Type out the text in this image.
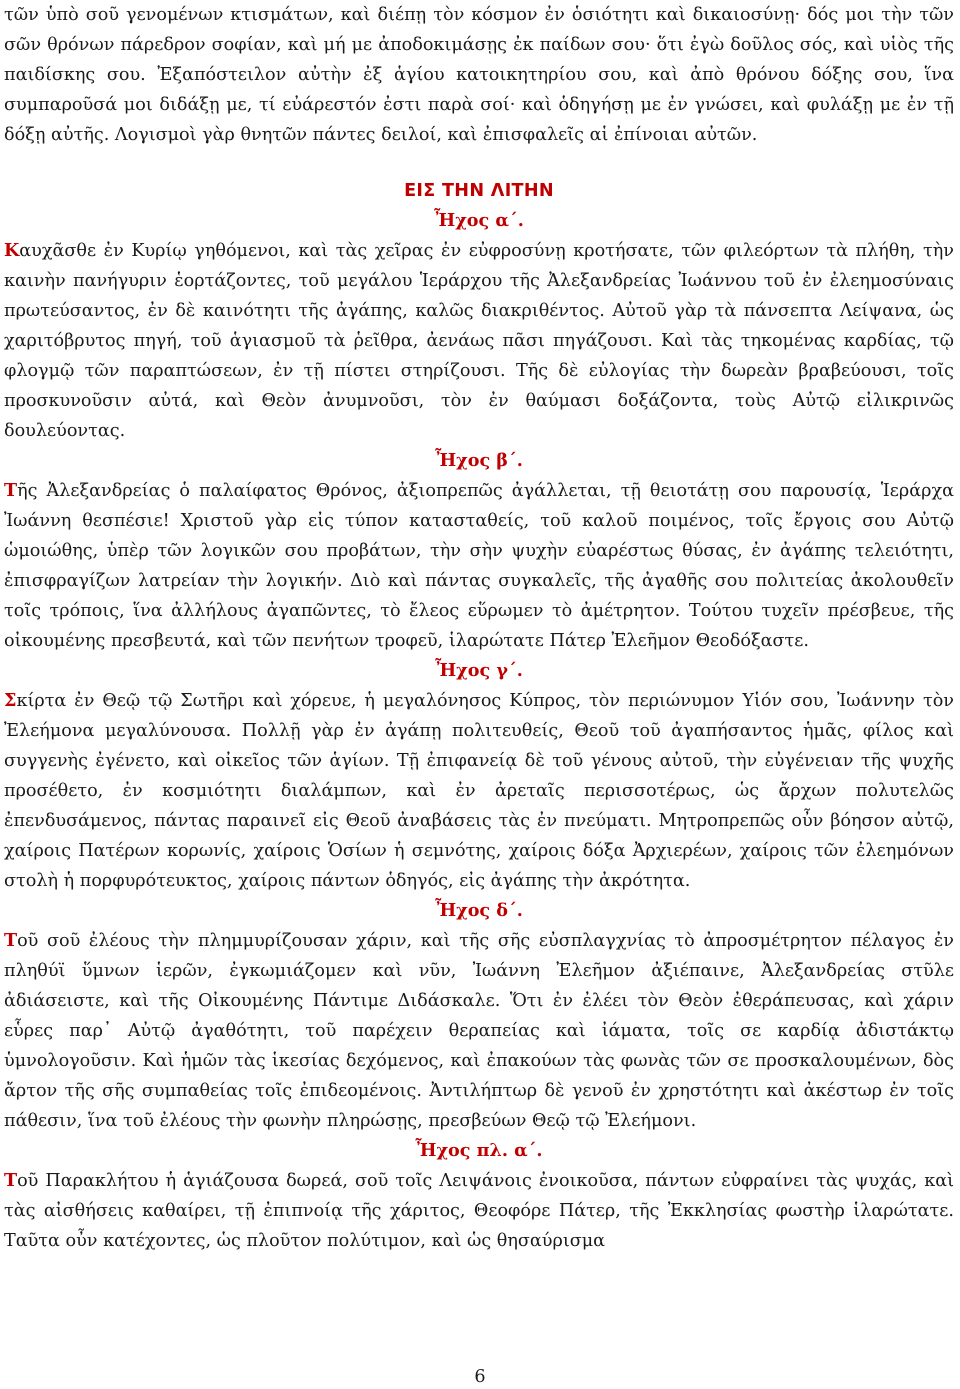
τῶν ὑπὸ σοῦ γενομένων κτισμάτων, καὶ διέπῃ τὸν κόσμον ἐν ὁσιότητι καὶ δικαιοσύνῃ· δός μοι τὴν τῶν σῶν θρόνων πάρεδρον σοφίαν, καὶ μή με ἀποδοκιμάσῃς ἐκ παίδων σου· ὅτι ἐγὼ δοῦλος σός, καὶ υἱὸς τῆς παιδίσκης σου. Ἐξαπόστειλον αὐτὴν ἐξ ἁγίου κατοικητηρίου σου, καὶ ἀπὸ θρόνου δόξης σου, ἵνα συμπαροῦσά μοι διδάξῃ με, τί εὐάρεστόν ἐστι παρὰ σοί· καὶ ὁδηγήσῃ με ἐν γνώσει, καὶ φυλάξῃ με ἐν τῇ δόξῃ αὐτῆς. Λογισμοὶ γὰρ θνητῶν πάντες δειλοί, καὶ ἐπισφαλεῖς αἱ ἐπίνοιαι αὐτῶν.

ΕΙΣ ΤΗΝ ΛΙΤΗΝ
Ἦχος α΄.

Καυχᾶσθε ἐν Κυρίῳ γηθόμενοι, καὶ τὰς χεῖρας ἐν εὐφροσύνῃ κροτήσατε, τῶν φιλεόρτων τὰ πλήθη, τὴν καινὴν πανήγυριν ἑορτάζοντες, τοῦ μεγάλου Ἱεράρχου τῆς Ἀλεξανδρείας Ἰωάννου τοῦ ἐν ἐλεημοσύναις πρωτεύσαντος, ἐν δὲ καινότητι τῆς ἀγάπης, καλῶς διακριθέντος. Αὐτοῦ γὰρ τὰ πάνσεπτα Λείψανα, ὡς χαριτόβρυτος πηγή, τοῦ ἁγιασμοῦ τὰ ῥεῖθρα, ἀενάως πᾶσι πηγάζουσι. Καὶ τὰς τηκομένας καρδίας, τῷ φλογμῷ τῶν παραπτώσεων, ἐν τῇ πίστει στηρίζουσι. Τῆς δὲ εὐλογίας τὴν δωρεὰν βραβεύουσι, τοῖς προσκυνοῦσιν αὐτά, καὶ Θεὸν ἀνυμνοῦσι, τὸν ἐν θαύμασι δοξάζοντα, τοὺς Αὐτῷ εἰλικρινῶς δουλεύοντας.

Ἦχος β΄.

Τῆς Ἀλεξανδρείας ὁ παλαίφατος Θρόνος, ἀξιοπρεπῶς ἀγάλλεται, τῇ θειοτάτῃ σου παρουσίᾳ, Ἱεράρχα Ἰωάννη θεσπέσιε! Χριστοῦ γὰρ εἰς τύπον κατασταθείς, τοῦ καλοῦ ποιμένος, τοῖς ἔργοις σου Αὐτῷ ὡμοιώθης, ὑπὲρ τῶν λογικῶν σου προβάτων, τὴν σὴν ψυχὴν εὐαρέστως θύσας, ἐν ἀγάπης τελειότητι, ἐπισφραγίζων λατρείαν τὴν λογικήν. Διὸ καὶ πάντας συγκαλεῖς, τῆς ἀγαθῆς σου πολιτείας ἀκολουθεῖν τοῖς τρόποις, ἵνα ἀλλήλους ἀγαπῶντες, τὸ ἔλεος εὕρωμεν τὸ ἀμέτρητον. Τούτου τυχεῖν πρέσβευε, τῆς οἰκουμένης πρεσβευτά, καὶ τῶν πενήτων τροφεῦ, ἱλαρώτατε Πάτερ Ἐλεῆμον Θεοδόξαστε.

Ἦχος γ΄.

Σκίρτα ἐν Θεῷ τῷ Σωτῆρι καὶ χόρευε, ἡ μεγαλόνησος Κύπρος, τὸν περιώνυμον Υἱόν σου, Ἰωάννην τὸν Ἐλεήμονα μεγαλύνουσα. Πολλῇ γὰρ ἐν ἀγάπῃ πολιτευθείς, Θεοῦ τοῦ ἀγαπήσαντος ἡμᾶς, φίλος καὶ συγγενὴς ἐγένετο, καὶ οἰκεῖος τῶν ἁγίων. Τῇ ἐπιφανείᾳ δὲ τοῦ γένους αὐτοῦ, τὴν εὐγένειαν τῆς ψυχῆς προσέθετο, ἐν κοσμιότητι διαλάμπων, καὶ ἐν ἀρεταῖς περισσοτέρως, ὡς ἄρχων πολυτελῶς ἐπενδυσάμενος, πάντας παραινεῖ εἰς Θεοῦ ἀναβάσεις τὰς ἐν πνεύματι. Μητροπρεπῶς οὖν βόησον αὐτῷ, χαίροις Πατέρων κορωνίς, χαίροις Ὁσίων ἡ σεμνότης, χαίροις δόξα Ἀρχιερέων, χαίροις τῶν ἐλεημόνων στολὴ ἡ πορφυρότευκτος, χαίροις πάντων ὁδηγός, εἰς ἀγάπης τὴν ἀκρότητα.

Ἦχος δ΄.

Τοῦ σοῦ ἐλέους τὴν πλημμυρίζουσαν χάριν, καὶ τῆς σῆς εὐσπλαγχνίας τὸ ἀπροσμέτρητον πέλαγος ἐν πληθύϊ ὕμνων ἱερῶν, ἐγκωμιάζομεν καὶ νῦν, Ἰωάννη Ἐλεῆμον ἀξιέπαινε, Ἀλεξανδρείας στῦλε ἀδιάσειστε, καὶ τῆς Οἰκουμένης Πάντιμε Διδάσκαλε. Ὅτι ἐν ἐλέει τὸν Θεὸν ἐθεράπευσας, καὶ χάριν εὗρες παρ᾿ Αὐτῷ ἀγαθότητι, τοῦ παρέχειν θεραπείας καὶ ἰάματα, τοῖς σε καρδίᾳ ἀδιστάκτῳ ὑμνολογοῦσιν. Καὶ ἡμῶν τὰς ἱκεσίας δεχόμενος, καὶ ἐπακούων τὰς φωνὰς τῶν σε προσκαλουμένων, δὸς ἄρτον τῆς σῆς συμπαθείας τοῖς ἐπιδεομένοις. Ἀντιλήπτωρ δὲ γενοῦ ἐν χρηστότητι καὶ ἀκέστωρ ἐν τοῖς πάθεσιν, ἵνα τοῦ ἐλέους τὴν φωνὴν πληρώσῃς, πρεσβεύων Θεῷ τῷ Ἐλεήμονι.

Ἦχος πλ. α΄.

Τοῦ Παρακλήτου ἡ ἁγιάζουσα δωρεά, σοῦ τοῖς Λειψάνοις ἐνοικοῦσα, πάντων εὐφραίνει τὰς ψυχάς, καὶ τὰς αἰσθήσεις καθαίρει, τῇ ἐπιπνοίᾳ τῆς χάριτος, Θεοφόρε Πάτερ, τῆς Ἐκκλησίας φωστὴρ ἱλαρώτατε. Ταῦτα οὖν κατέχοντες, ὡς πλοῦτον πολύτιμον, καὶ ὡς θησαύρισμα

6
